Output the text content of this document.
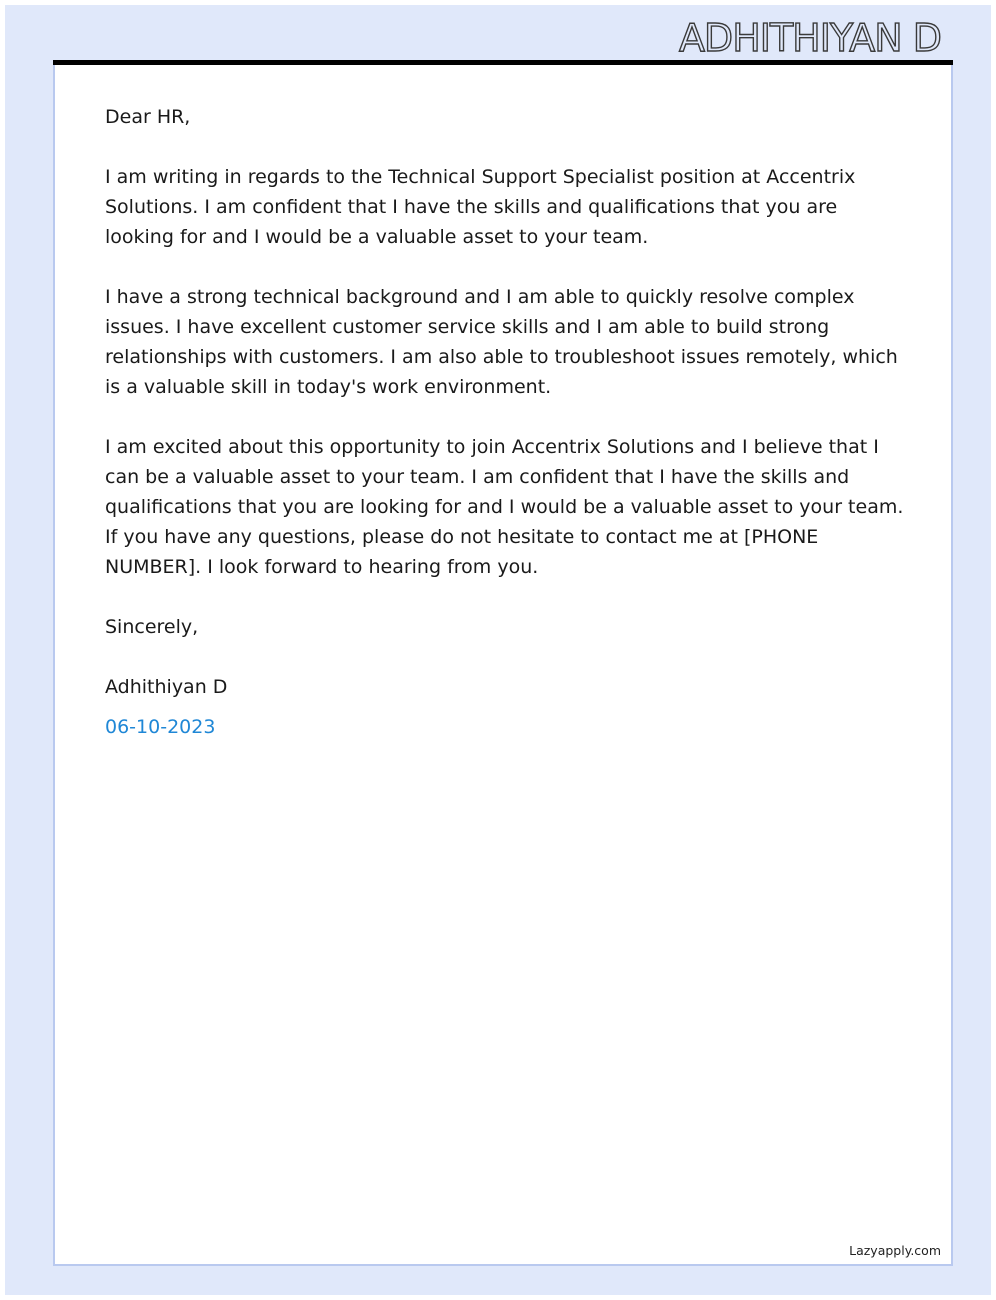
ADHITHIYAN D

Dear HR,

I am writing in regards to the Technical Support Specialist position at Accentrix Solutions. I am confident that I have the skills and qualifications that you are looking for and I would be a valuable asset to your team.

I have a strong technical background and I am able to quickly resolve complex issues. I have excellent customer service skills and I am able to build strong relationships with customers. I am also able to troubleshoot issues remotely, which is a valuable skill in today's work environment.

I am excited about this opportunity to join Accentrix Solutions and I believe that I can be a valuable asset to your team. I am confident that I have the skills and qualifications that you are looking for and I would be a valuable asset to your team. If you have any questions, please do not hesitate to contact me at [PHONE NUMBER]. I look forward to hearing from you.

Sincerely,

Adhithiyan D

06-10-2023

Lazyapply.com
